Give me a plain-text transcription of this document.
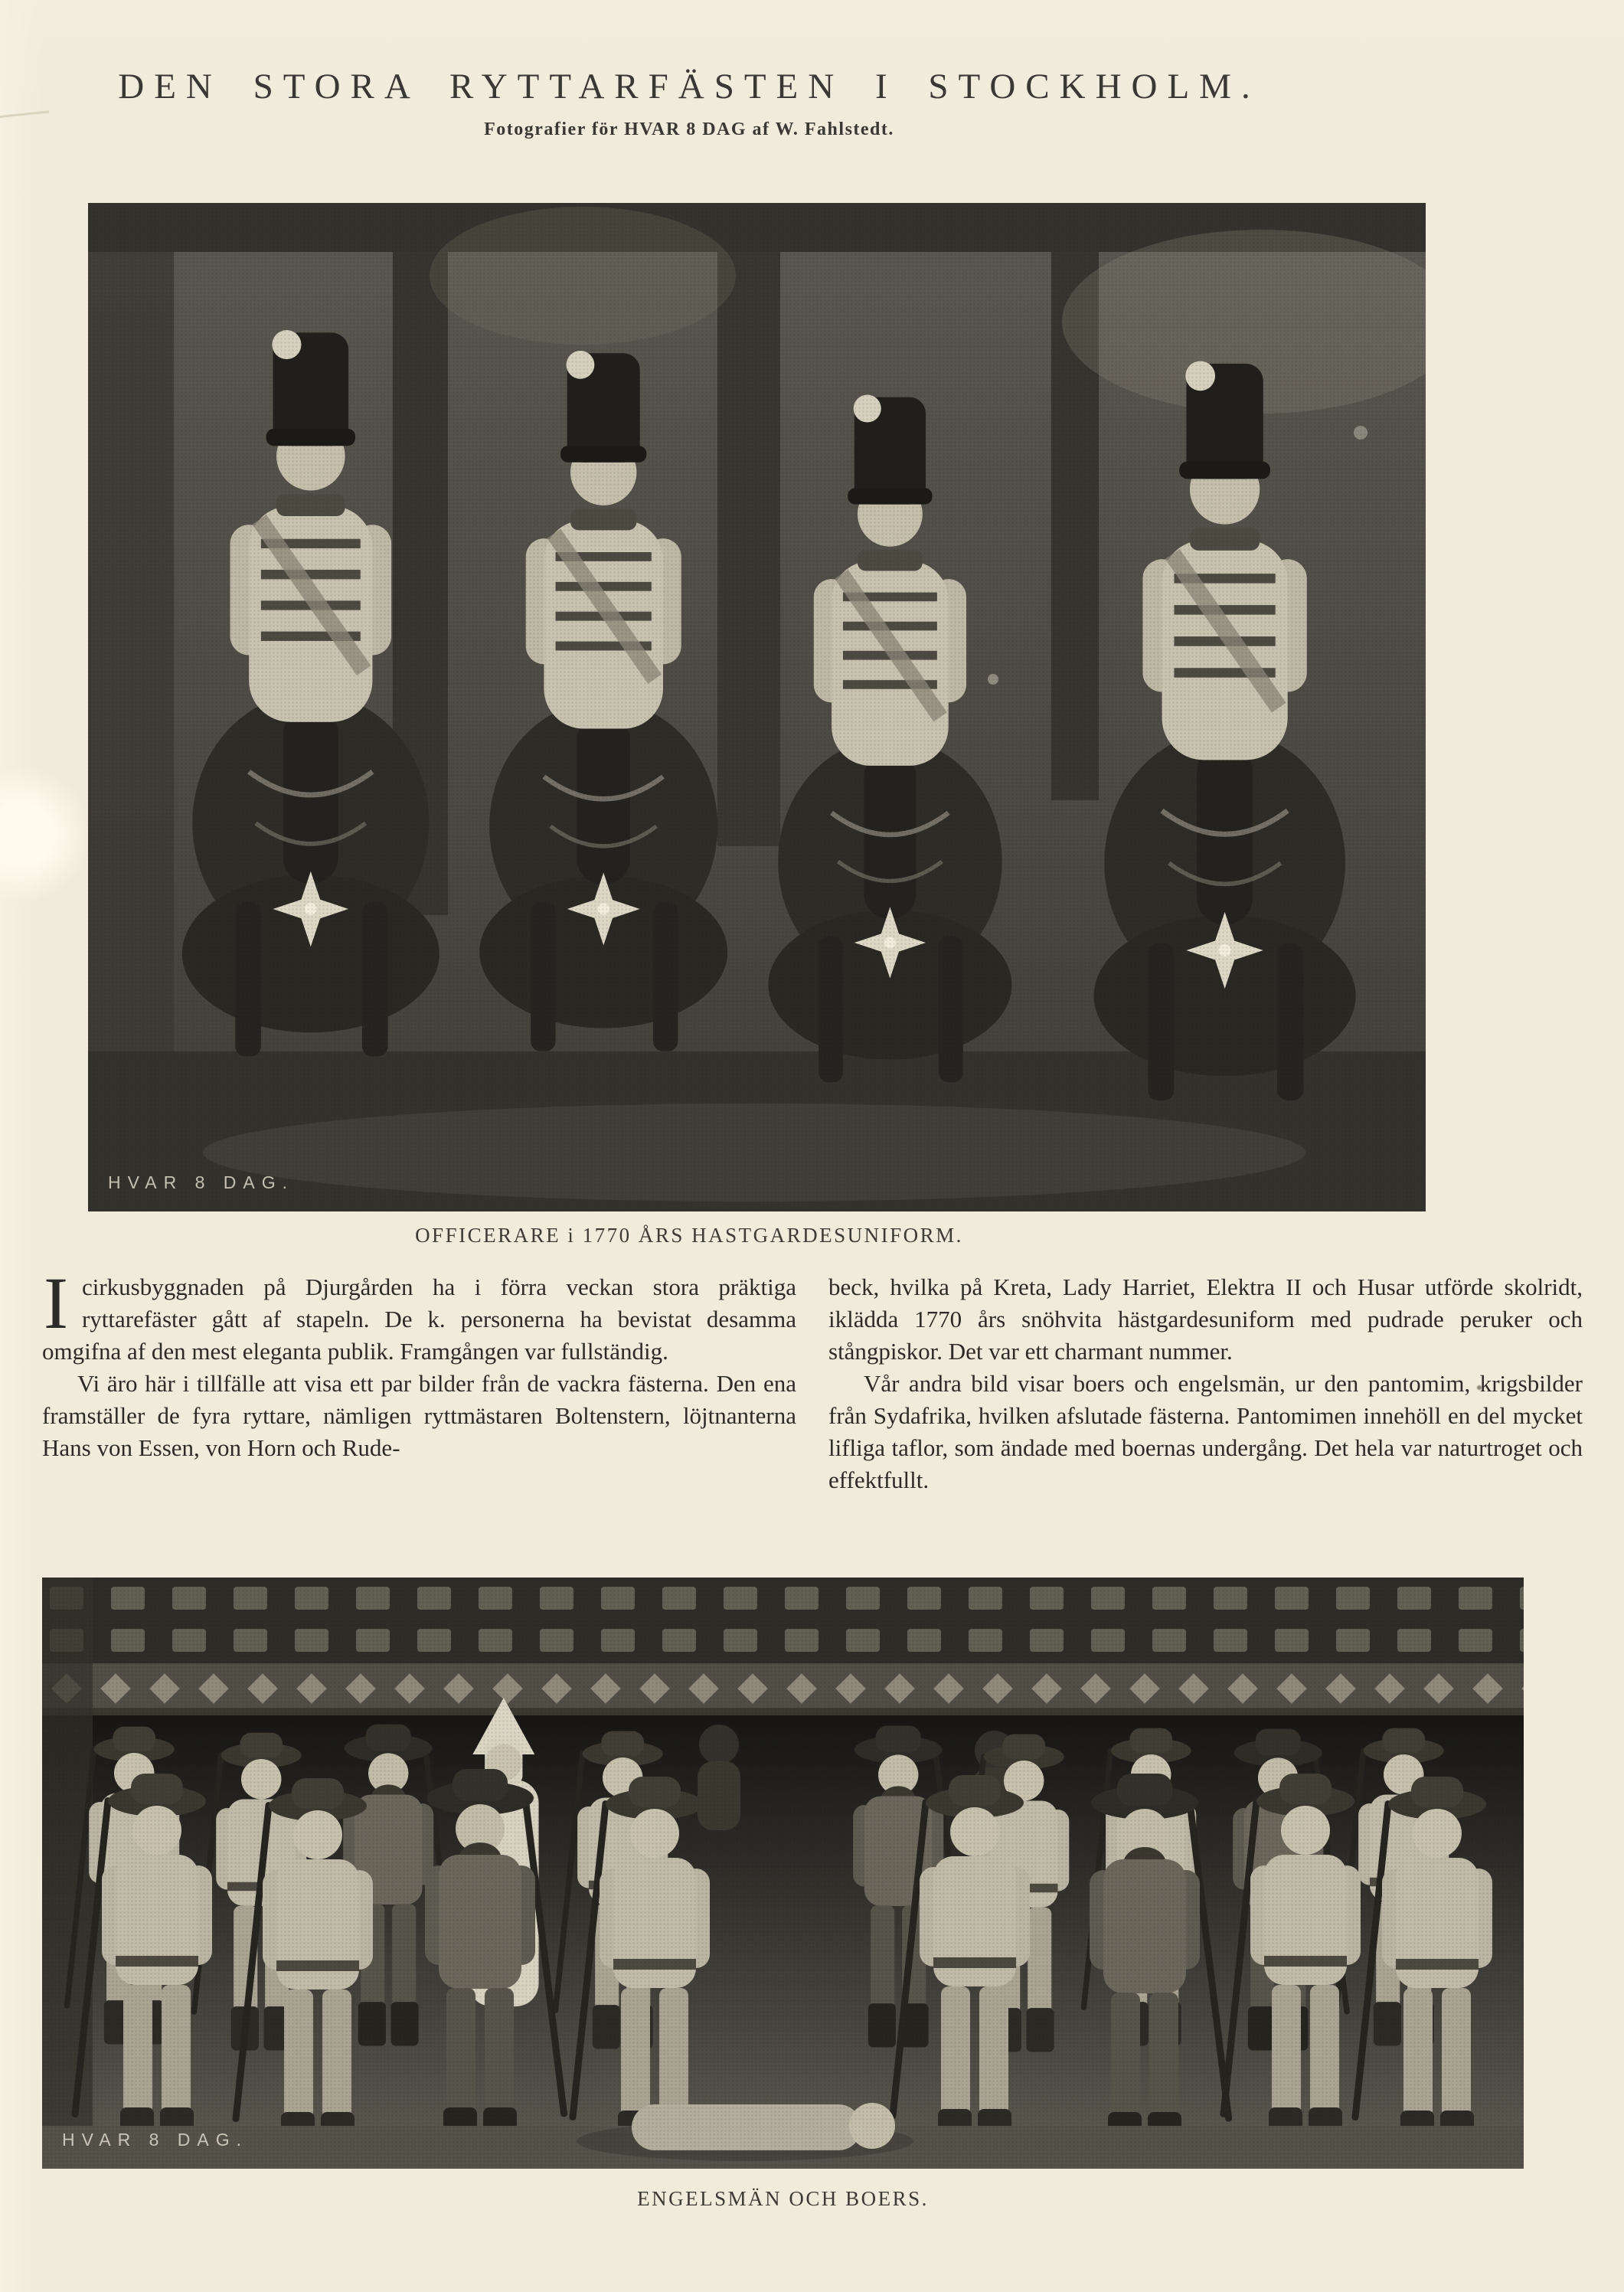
DEN STORA RYTTARFÄSTEN I STOCKHOLM.
Fotografier för HVAR 8 DAG af W. Fahlstedt.
HVAR 8 DAG.
OFFICERARE i 1770 ÅRS HASTGARDESUNIFORM.

Icirkusbyggnaden på Djurgården ha i förra veckan stora präktiga ryttarefäster gått af stapeln. De k. personerna ha bevistat desamma omgifna af den mest eleganta publik. Framgången var fullständig.

Vi äro här i tillfälle att visa ett par bilder från de vackra fästerna. Den ena framställer de fyra ryttare, nämligen ryttmästaren Boltenstern, löjtnanterna Hans von Essen, von Horn och Rude-

beck, hvilka på Kreta, Lady Harriet, Elektra II och Husar utförde skolridt, iklädda 1770 års snöhvita hästgardesuniform med pudrade peruker och stångpiskor. Det var ett charmant nummer.

Vår andra bild visar boers och engelsmän, ur den pantomim, krigsbilder från Sydafrika, hvilken afslutade fästerna. Pantomimen innehöll en del mycket lifliga taflor, som ändade med boernas undergång. Det hela var naturtroget och effektfullt.

HVAR 8 DAG.
ENGELSMÄN OCH BOERS.
